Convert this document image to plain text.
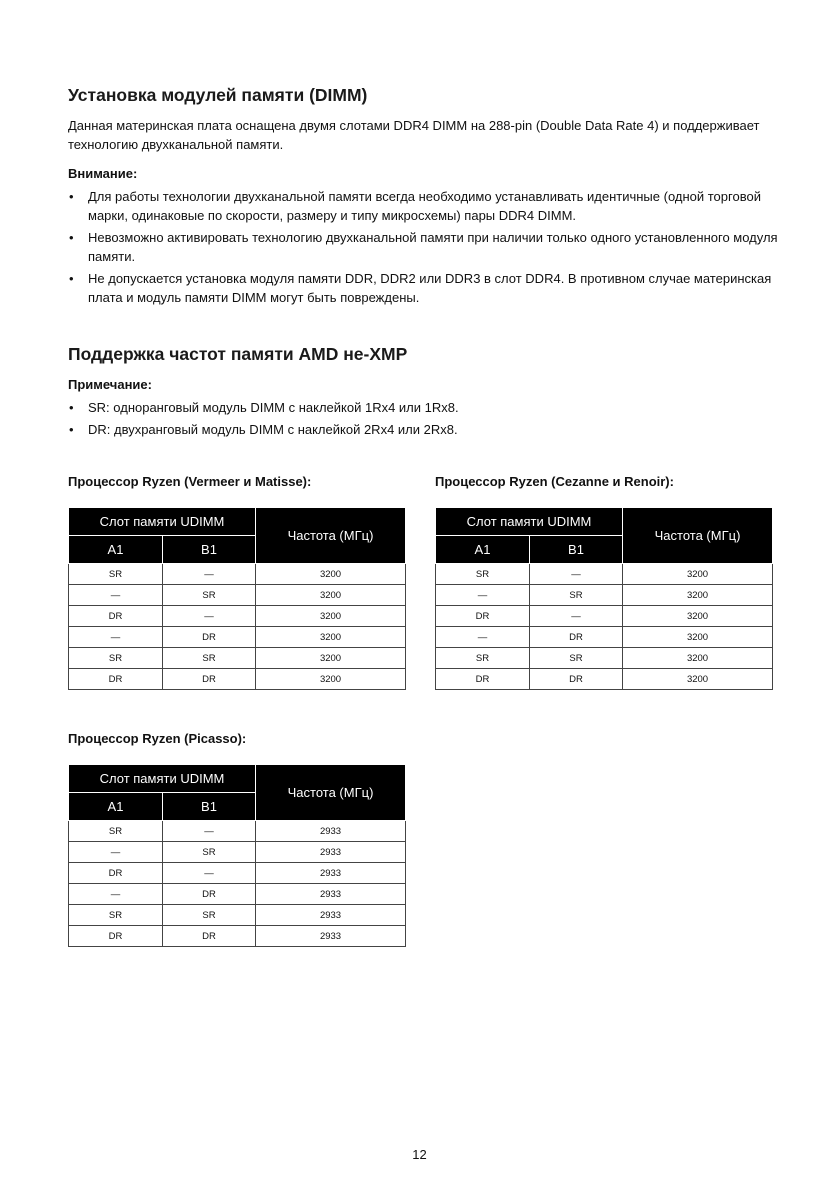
Установка модулей памяти (DIMM)

Данная материнская плата оснащена двумя слотами DDR4 DIMM на 288-pin (Double Data Rate 4) и поддерживает технологию двухканальной памяти.

Внимание:
• Для работы технологии двухканальной памяти всегда необходимо устанавливать идентичные (одной торговой марки, одинаковые по скорости, размеру и типу микросхемы) пары DDR4 DIMM.
• Невозможно активировать технологию двухканальной памяти при наличии только одного установленного модуля памяти.
• Не допускается установка модуля памяти DDR, DDR2 или DDR3 в слот DDR4. В противном случае материнская плата и модуль памяти DIMM могут быть повреждены.
Поддержка частот памяти AMD не-XMP
Примечание:
• SR: одноранговый модуль DIMM с наклейкой 1Rx4 или 1Rx8.
• DR: двухранговый модуль DIMM с наклейкой 2Rx4 или 2Rx8.
Процессор Ryzen (Vermeer и Matisse):
Слот памяти UDIMM		Частота (МГц)
A1	B1	
SR	—	3200
—	SR	3200
DR	—	3200
—	DR	3200
SR	SR	3200
DR	DR	3200
Процессор Ryzen (Cezanne и Renoir):
Слот памяти UDIMM		Частота (МГц)
A1	B1	
SR	—	3200
—	SR	3200
DR	—	3200
—	DR	3200
SR	SR	3200
DR	DR	3200
Процессор Ryzen (Picasso):
Слот памяти UDIMM		Частота (МГц)
A1	B1	
SR	—	2933
—	SR	2933
DR	—	2933
—	DR	2933
SR	SR	2933
DR	DR	2933
12
